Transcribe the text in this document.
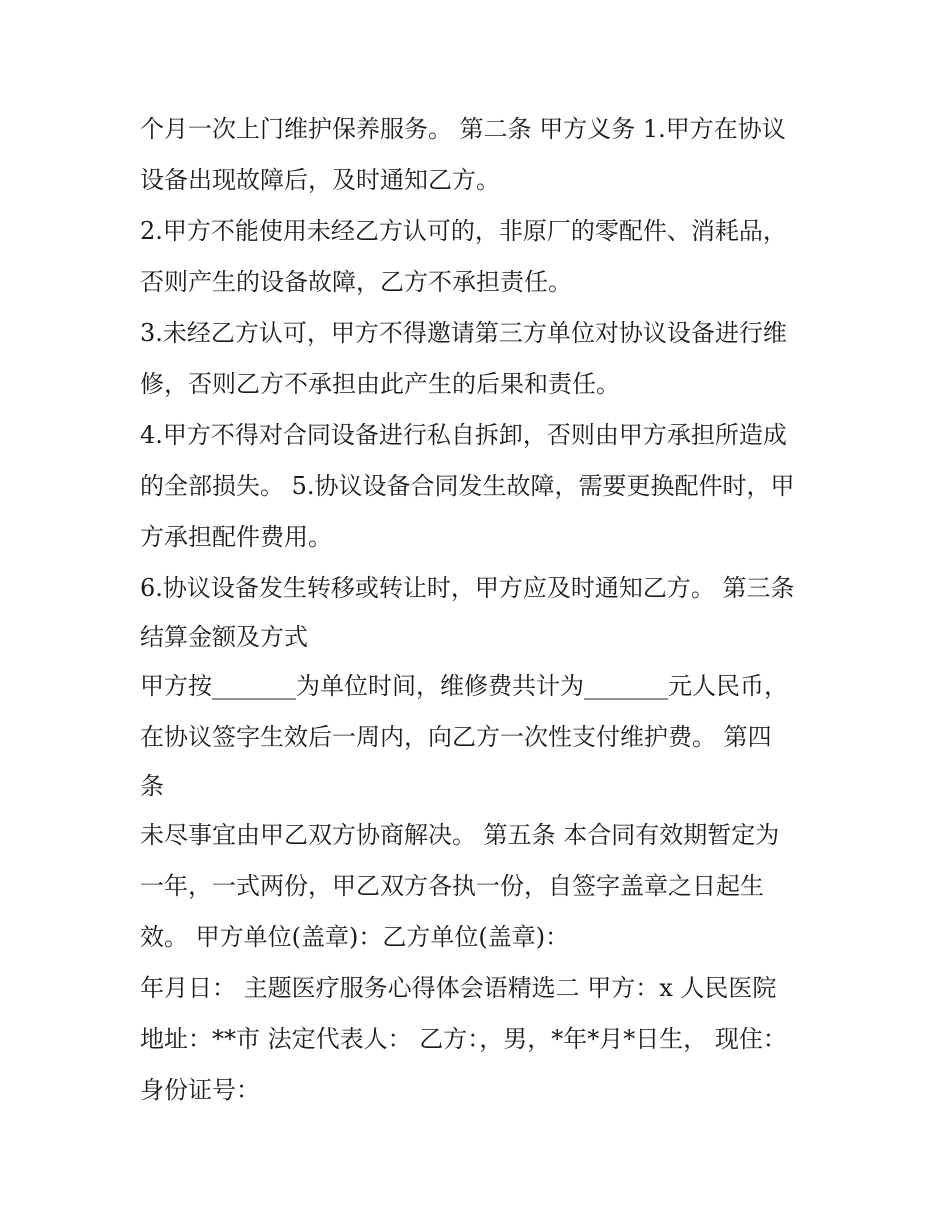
个月一次上门维护保养服务。 第二条 甲方义务 1.甲方在协议
设备出现故障后，及时通知乙方。
2.甲方不能使用未经乙方认可的，非原厂的零配件、消耗品，
否则产生的设备故障，乙方不承担责任。
3.未经乙方认可，甲方不得邀请第三方单位对协议设备进行维
修，否则乙方不承担由此产生的后果和责任。
4.甲方不得对合同设备进行私自拆卸，否则由甲方承担所造成
的全部损失。 5.协议设备合同发生故障，需要更换配件时，甲
方承担配件费用。
6.协议设备发生转移或转让时，甲方应及时通知乙方。 第三条
结算金额及方式
甲方按_______为单位时间，维修费共计为_______元人民币，
在协议签字生效后一周内，向乙方一次性支付维护费。 第四
条
未尽事宜由甲乙双方协商解决。 第五条 本合同有效期暂定为
一年，一式两份，甲乙双方各执一份，自签字盖章之日起生
效。 甲方单位(盖章)：乙方单位(盖章)：
年月日： 主题医疗服务心得体会语精选二 甲方：x 人民医院
地址：**市 法定代表人： 乙方：，男，*年*月*日生， 现住：
身份证号：
